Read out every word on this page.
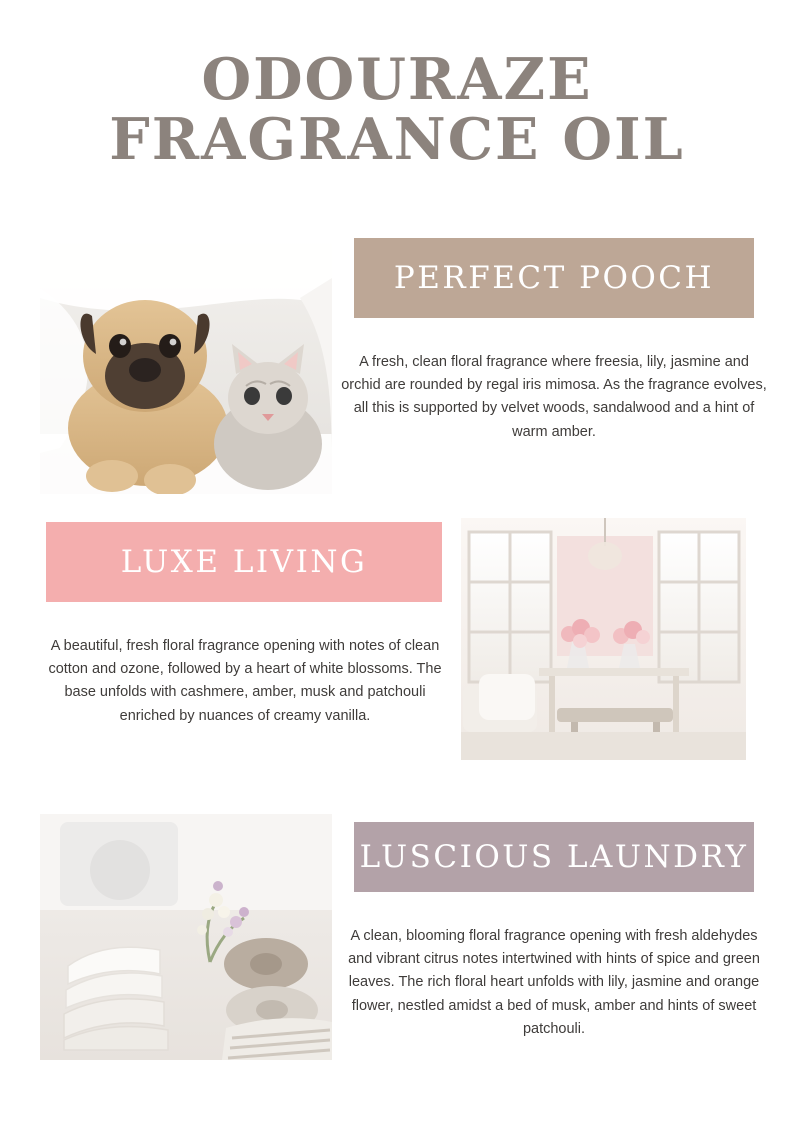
ODOURAZE
FRAGRANCE OIL
PERFECT POOCH

A fresh, clean floral fragrance where freesia, lily, jasmine and orchid are rounded by regal iris mimosa. As the fragrance evolves, all this is supported by velvet woods, sandalwood and a hint of warm amber.

LUXE LIVING

A beautiful, fresh floral fragrance opening with notes of clean cotton and ozone, followed by a heart of white blossoms. The base unfolds with cashmere, amber, musk and patchouli enriched by nuances of creamy vanilla.

LUSCIOUS LAUNDRY

A clean, blooming floral fragrance opening with fresh aldehydes and vibrant citrus notes intertwined with hints of spice and green leaves. The rich floral heart unfolds with lily, jasmine and orange flower, nestled amidst a bed of musk, amber and hints of sweet patchouli.
